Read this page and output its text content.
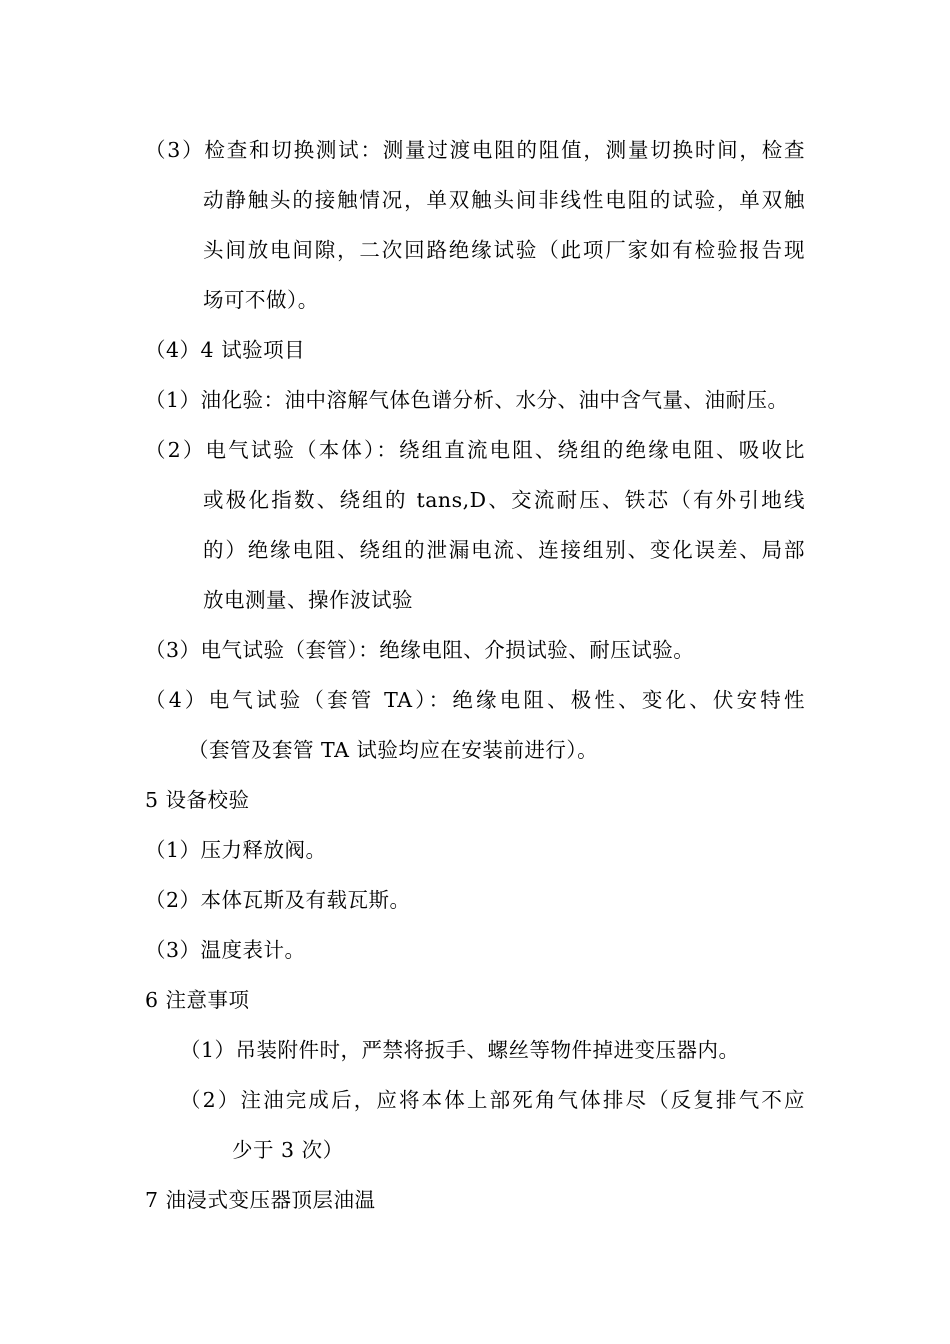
（3）检查和切换测试：测量过渡电阻的阻值，测量切换时间，检查
动静触头的接触情况，单双触头间非线性电阻的试验，单双触
头间放电间隙，二次回路绝缘试验（此项厂家如有检验报告现
场可不做）。
（4）4 试验项目
（1）油化验：油中溶解气体色谱分析、水分、油中含气量、油耐压。
（2）电气试验（本体）：绕组直流电阻、绕组的绝缘电阻、吸收比
或极化指数、绕组的 tans,D、交流耐压、铁芯（有外引地线
的）绝缘电阻、绕组的泄漏电流、连接组别、变化误差、局部
放电测量、操作波试验
（3）电气试验（套管）：绝缘电阻、介损试验、耐压试验。
（4）电气试验（套管 TA）：绝缘电阻、极性、变化、伏安特性
（套管及套管 TA 试验均应在安装前进行）。
5 设备校验
（1）压力释放阀。
（2）本体瓦斯及有载瓦斯。
（3）温度表计。
6 注意事项
（1）吊装附件时，严禁将扳手、螺丝等物件掉进变压器内。
（2）注油完成后，应将本体上部死角气体排尽（反复排气不应
少于 3 次）
7 油浸式变压器顶层油温
